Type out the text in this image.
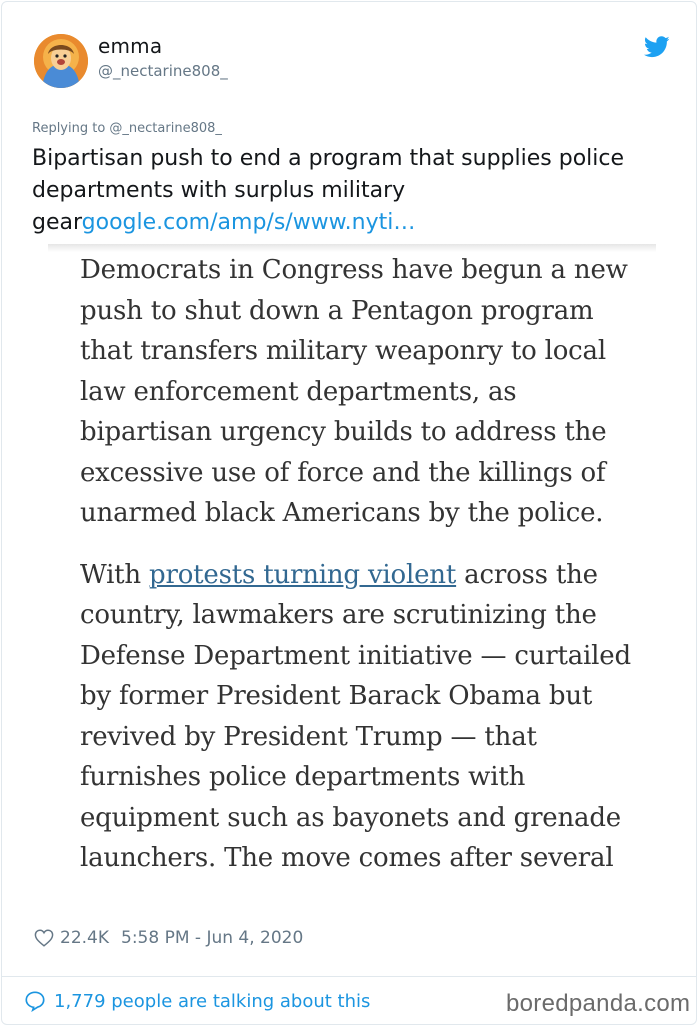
emma
@_nectarine808_
Replying to @_nectarine808_
Bipartisan push to end a program that supplies police departments with surplus military geargoogle.com/amp/s/www.nyti…

Democrats in Congress have begun a new push to shut down a Pentagon program that transfers military weaponry to local law enforcement departments, as bipartisan urgency builds to address the excessive use of force and the killings of unarmed black Americans by the police.

With protests turning violent across the country, lawmakers are scrutinizing the Defense Department initiative — curtailed by former President Barack Obama but revived by President Trump — that furnishes police departments with equipment such as bayonets and grenade launchers. The move comes after several

22.4K 5:58 PM - Jun 4, 2020
1,779 people are talking about this	boredpanda.com
